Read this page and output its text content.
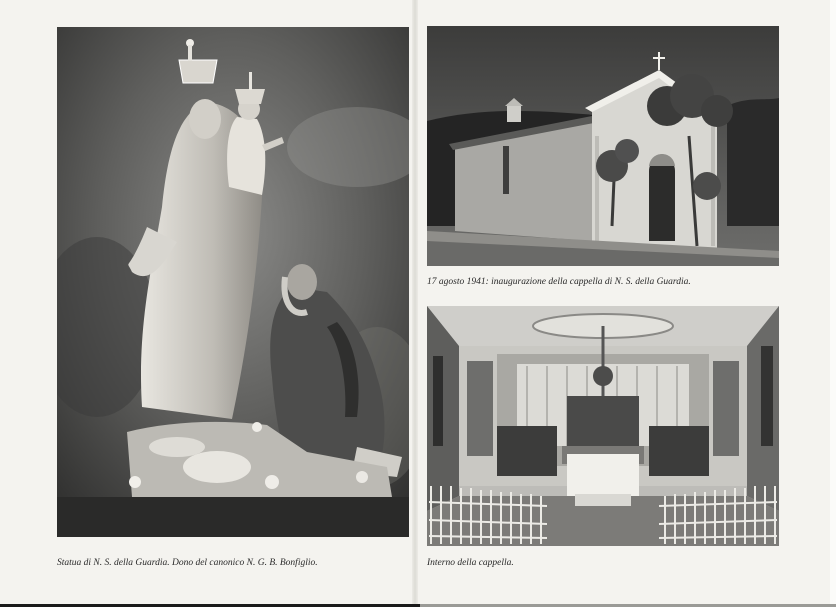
Statua di N. S. della Guardia. Dono del canonico N. G. B. Bonfiglio.
17 agosto 1941: inaugurazione della cappella di N. S. della Guardia.
Interno della cappella.
